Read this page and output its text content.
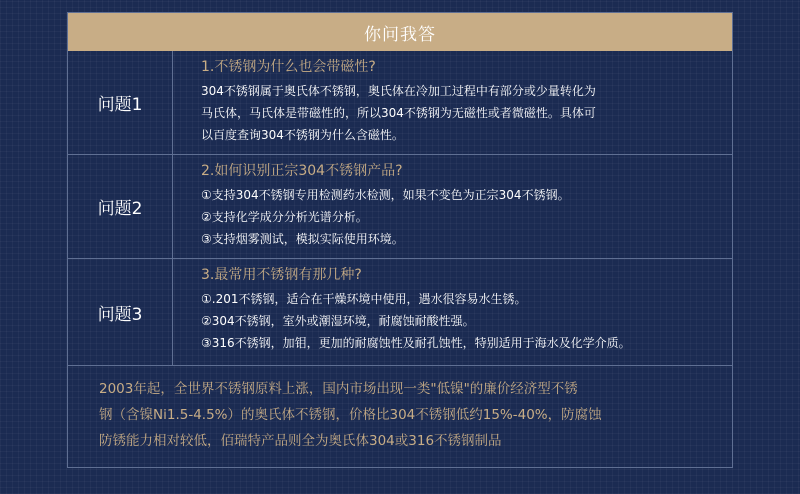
你问我答
问题1
1.不锈钢为什么也会带磁性?
304不锈钢属于奥氏体不锈钢，奥氏体在冷加工过程中有部分或少量转化为
马氏体，马氏体是带磁性的，所以304不锈钢为无磁性或者微磁性。具体可
以百度查询304不锈钢为什么含磁性。
问题2
2.如何识别正宗304不锈钢产品?
①支持304不锈钢专用检测药水检测，如果不变色为正宗304不锈钢。
②支持化学成分分析光谱分析。
③支持烟雾测试，模拟实际使用环境。
问题3
3.最常用不锈钢有那几种?
①.201不锈钢，适合在干燥环境中使用，遇水很容易水生锈。
②304不锈钢，室外或潮湿环境，耐腐蚀耐酸性强。
③316不锈钢，加钼，更加的耐腐蚀性及耐孔蚀性，特别适用于海水及化学介质。
2003年起，全世界不锈钢原料上涨，国内市场出现一类"低镍"的廉价经济型不锈
钢（含镍Ni1.5-4.5%）的奥氏体不锈钢，价格比304不锈钢低约15%-40%，防腐蚀
防锈能力相对较低，佰瑞特产品则全为奥氏体304或316不锈钢制品
